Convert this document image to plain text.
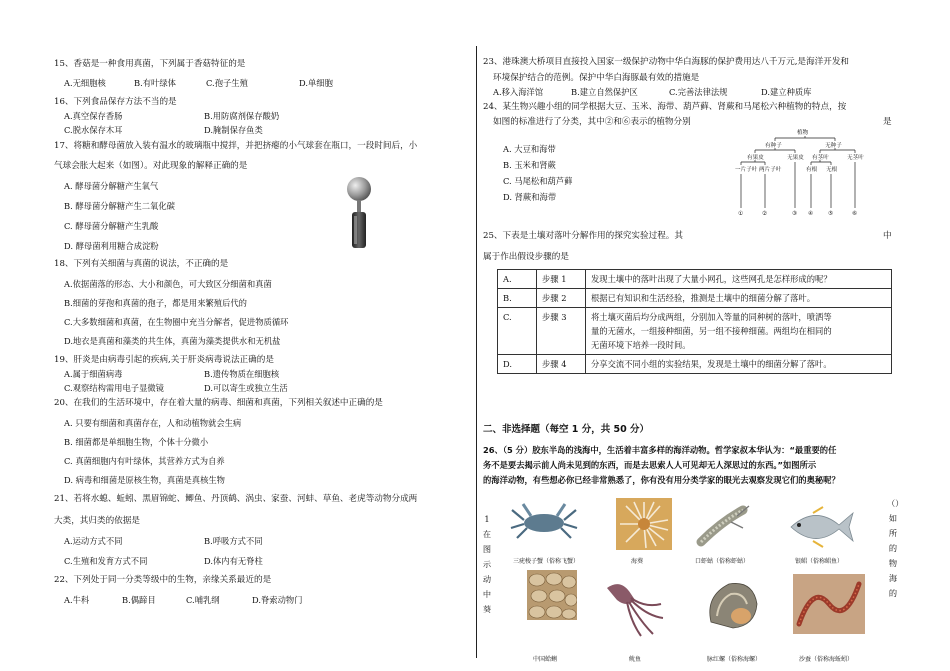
15、香菇是一种食用真菌，下列属于香菇特征的是
A.无细胞核	B.有叶绿体	C.孢子生殖	D.单细胞
16、下列食品保存方法不当的是
A.真空保存香肠	B.用防腐剂保存酸奶
C.脱水保存木耳	D.腌制保存鱼类
17、将糖和酵母菌放入装有温水的玻璃瓶中搅拌，并把挤瘪的小气球套在瓶口，一段时间后，小
气球会胀大起来（如图）。对此现象的解释正确的是
A. 酵母菌分解糖产生氧气
B. 酵母菌分解糖产生二氧化碳
C. 酵母菌分解糖产生乳酸
D. 酵母菌利用糖合成淀粉
18、下列有关细菌与真菌的说法，不正确的是
A.依据菌落的形态、大小和颜色，可大致区分细菌和真菌
B.细菌的芽孢和真菌的孢子，都是用来繁殖后代的
C.大多数细菌和真菌，在生物圈中充当分解者，促进物质循环
D.地衣是真菌和藻类的共生体，真菌为藻类提供水和无机盐
19、肝炎是由病毒引起的疾病,关于肝炎病毒说法正确的是
A.属于细菌病毒	B.遗传物质在细胞核
C.观察结构需用电子显微镜	D.可以寄生或独立生活
20、在我们的生活环境中，存在着大量的病毒、细菌和真菌，下列相关叙述中正确的是
A. 只要有细菌和真菌存在，人和动植物就会生病
B. 细菌都是单细胞生物，个体十分微小
C. 真菌细胞内有叶绿体，其营养方式为自养
D. 病毒和细菌是原核生物，真菌是真核生物
21、若将水螅、蚯蚓、黑眉锦蛇、鲫鱼、丹顶鹤、涡虫、家蚕、河蚌、草鱼、老虎等动物分成两
大类，其归类的依据是
A.运动方式不同	B.呼吸方式不同
C.生殖和发育方式不同	D.体内有无脊柱
22、下列处于同一分类等级中的生物，亲缘关系最近的是
A.牛科	B.偶蹄目	C.哺乳纲	D.脊索动物门
23、港珠澳大桥项目直接投入国家一级保护动物中华白海豚的保护费用达八千万元,是海洋开发和
环境保护结合的范例。保护中华白海豚最有效的措施是
A.移入海洋馆	B.建立自然保护区	C.完善法律法规	D.建立种质库
24、某生物兴趣小组的同学根据大豆、玉米、海带、葫芦藓、肾蕨和马尾松六种植物的特点，按
如图的标准进行了分类，其中②和⑥表示的植物分别	是
A. 大豆和海带
B. 玉米和肾蕨
C. 马尾松和葫芦藓
D. 肾蕨和海带
植物
有种子	无种子
有果皮	无果皮 有茎叶	无茎叶
一片子叶 两片子叶	有根 无根
①	②	③ ④	⑤	⑥
25、下表是土壤对落叶分解作用的探究实验过程。其	中
属于作出假设步骤的是
A.	步骤 1	发现土壤中的落叶出现了大量小网孔，这些网孔是怎样形成的呢？

B.	步骤 2	根据已有知识和生活经验，推测是土壤中的细菌分解了落叶。

C.	步骤 3	将土壤灭菌后均分成两组，分别加入等量的同种树的落叶，喷洒等
量的无菌水，一组接种细菌，另一组不接种细菌。两组均在相同的
无菌环境下培养一段时间。

D.	步骤 4	分享交流不同小组的实验结果，发现是土壤中的细菌分解了落叶。
二、非选择题（每空 1 分，共 50 分）
26、（5 分）胶东半岛的浅海中，生活着丰富多样的海洋动物。哲学家叔本华认为：“最重要的任
务不是要去揭示前人尚未见到的东西，而是去思索人人可见却无人深思过的东西。”如图所示
的海洋动物，有些想必你已经非常熟悉了，你有没有用分类学家的眼光去观察发现它们的奥秘呢？
1在图示动中葵
（）如所的物海的
三疣梭子蟹（俗称飞蟹）	海葵	口虾蛄（俗称虾蛄）	银鲳（俗称鲳鱼）
中国蛤蜊	鱿鱼	脉红螺（俗称海螺）	沙蚕（俗称海蚯蚓）
